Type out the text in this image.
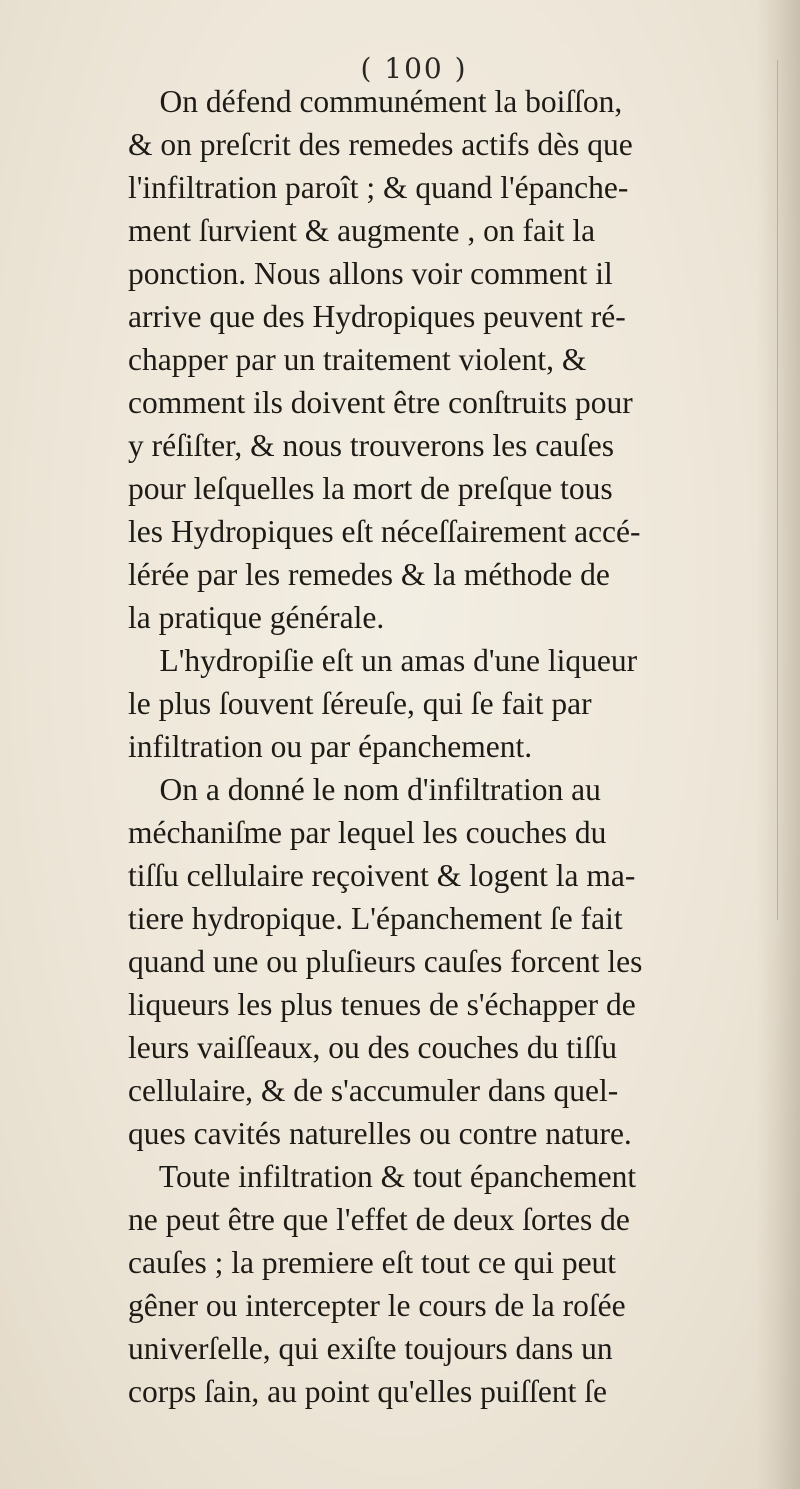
( 100 )
On défend communément la boiſſon,
& on preſcrit des remedes actifs dès que
l'infiltration paroît ; & quand l'épanche-
ment ſurvient & augmente , on fait la
ponction. Nous allons voir comment il
arrive que des Hydropiques peuvent ré-
chapper par un traitement violent, &
comment ils doivent être conſtruits pour
y réſiſter, & nous trouverons les cauſes
pour leſquelles la mort de preſque tous
les Hydropiques eſt néceſſairement accé-
lérée par les remedes & la méthode de
la pratique générale.
L'hydropiſie eſt un amas d'une liqueur
le plus ſouvent ſéreuſe, qui ſe fait par
infiltration ou par épanchement.
On a donné le nom d'infiltration au
méchaniſme par lequel les couches du
tiſſu cellulaire reçoivent & logent la ma-
tiere hydropique. L'épanchement ſe fait
quand une ou pluſieurs cauſes forcent les
liqueurs les plus tenues de s'échapper de
leurs vaiſſeaux, ou des couches du tiſſu
cellulaire, & de s'accumuler dans quel-
ques cavités naturelles ou contre nature.
Toute infiltration & tout épanchement
ne peut être que l'effet de deux ſortes de
cauſes ; la premiere eſt tout ce qui peut
gêner ou intercepter le cours de la roſée
univerſelle, qui exiſte toujours dans un
corps ſain, au point qu'elles puiſſent ſe
